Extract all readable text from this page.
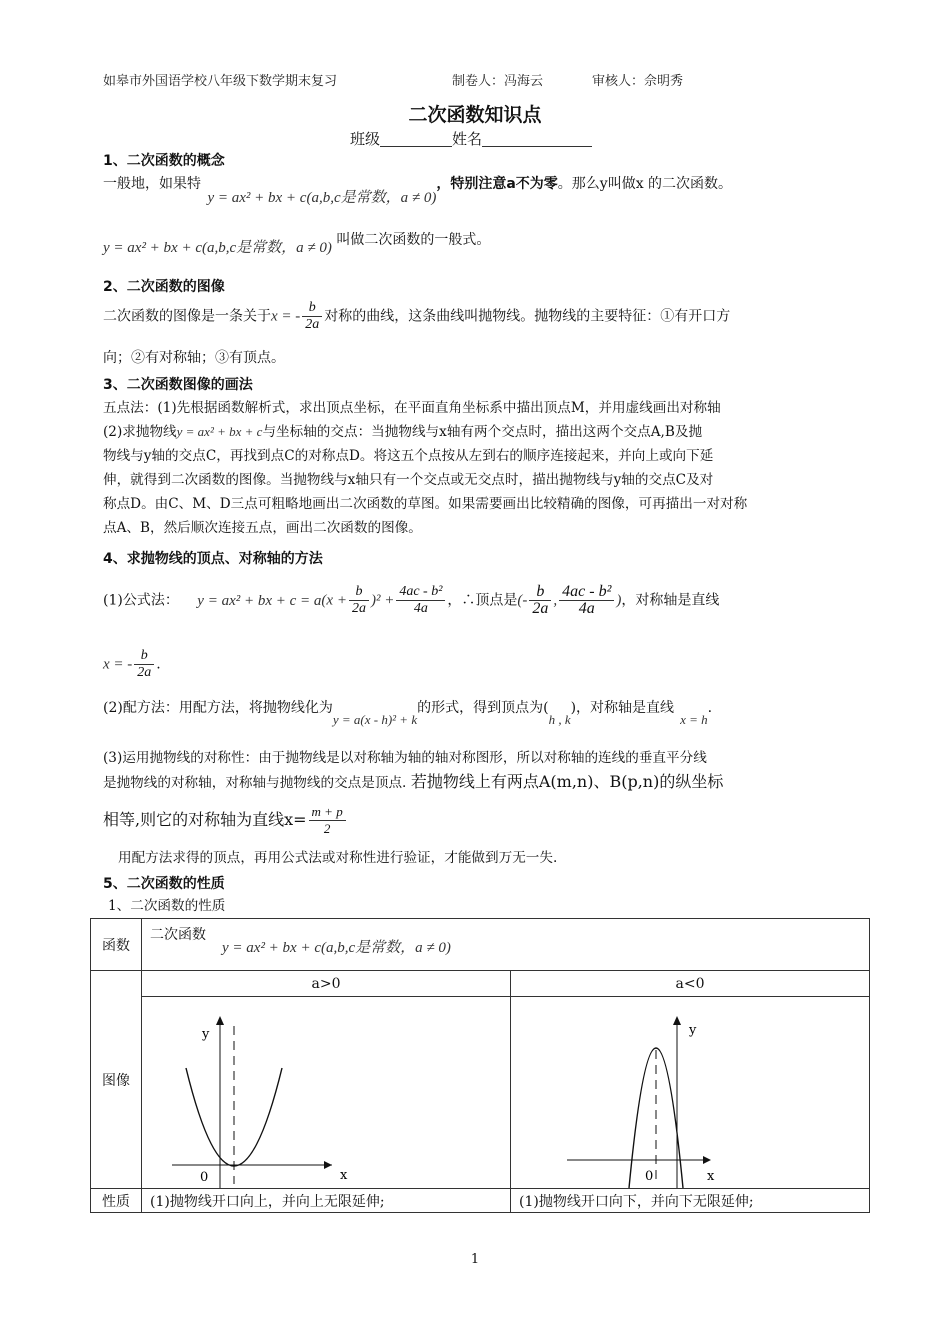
如皋市外国语学校八年级下数学期末复习	制卷人：冯海云	审核人：佘明秀
二次函数知识点
班级	姓名
1、二次函数的概念
一般地，如果特 y = ax² + bx + c(a,b,c是常数，a ≠ 0)，特别注意a不为零。那么y叫做x 的二次函数。
y = ax² + bx + c(a,b,c是常数，a ≠ 0) 叫做二次函数的一般式。
2、二次函数的图像
二次函数的图像是一条关于x = - $\frac{b}{2a}$ 对称的曲线，这条曲线叫抛物线。抛物线的主要特征：①有开口方
向；②有对称轴；③有顶点。
3、二次函数图像的画法
五点法：(1)先根据函数解析式，求出顶点坐标，在平面直角坐标系中描出顶点M，并用虚线画出对称轴
(2)求抛物线y = ax² + bx + c与坐标轴的交点：当抛物线与x轴有两个交点时，描出这两个交点A,B及抛
物线与y轴的交点C，再找到点C的对称点D。将这五个点按从左到右的顺序连接起来，并向上或向下延
伸，就得到二次函数的图像。当抛物线与x轴只有一个交点或无交点时，描出抛物线与y轴的交点C及对
称点D。由C、M、D三点可粗略地画出二次函数的草图。如果需要画出比较精确的图像，可再描出一对对称
点A、B，然后顺次连接五点，画出二次函数的图像。
4、求抛物线的顶点、对称轴的方法
(1)公式法： y = ax² + bx + $c = a(x + \frac{b}{2a} )^2 + \frac{\text{4ac - b²}}{4a}$ ，∴顶点是(- $\frac{b}{2a}$ , $\frac{\text{4ac - b²}}{4a}$ )，对称轴是直线
x = - $\frac{b}{2a}$ .
(2)配方法：用配方法，将抛物线化为y = a(x - h)² + k的形式，得到顶点为(h , k)，对称轴是直线x = h.
(3)运用抛物线的对称性：由于抛物线是以对称轴为轴的轴对称图形，所以对称轴的连线的垂直平分线
是抛物线的对称轴，对称轴与抛物线的交点是顶点. 若抛物线上有两点A(m,n)、B(p,n)的纵坐标
相等,则它的对称轴为直线$x= \frac{m + p}{2}$
用配方法求得的顶点，再用公式法或对称性进行验证，才能做到万无一失.
5、二次函数的性质
1、二次函数的性质
函数	二次函数
y = ax² + bx + c(a,b,c是常数，a ≠ 0)	

图像	a>0	a<0

y
x
0	y
x
0

性质	(1)抛物线开口向上，并向上无限延伸;	(1)抛物线开口向下，并向下无限延伸;
1
